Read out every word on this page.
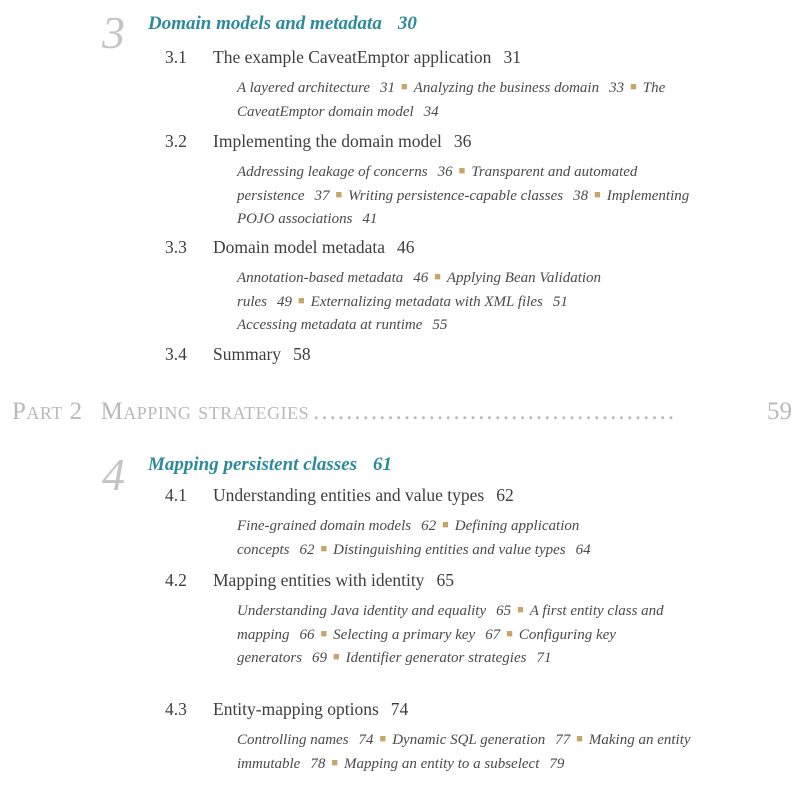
3 Domain models and metadata 30
3.1 The example CaveatEmptor application 31
A layered architecture 31 ■ Analyzing the business domain 33 ■ The CaveatEmptor domain model 34
3.2 Implementing the domain model 36
Addressing leakage of concerns 36 ■ Transparent and automated persistence 37 ■ Writing persistence-capable classes 38 ■ Implementing POJO associations 41
3.3 Domain model metadata 46
Annotation-based metadata 46 ■ Applying Bean Validation rules 49 ■ Externalizing metadata with XML files 51
Accessing metadata at runtime 55
3.4 Summary 58
Part 2 Mapping strategies ............................................	59
4 Mapping persistent classes 61
4.1 Understanding entities and value types 62
Fine-grained domain models 62 ■ Defining application concepts 62 ■ Distinguishing entities and value types 64
4.2 Mapping entities with identity 65
Understanding Java identity and equality 65 ■ A first entity class and mapping 66 ■ Selecting a primary key 67 ■ Configuring key generators 69 ■ Identifier generator strategies 71
4.3 Entity-mapping options 74
Controlling names 74 ■ Dynamic SQL generation 77 ■ Making an entity immutable 78 ■ Mapping an entity to a subselect 79
